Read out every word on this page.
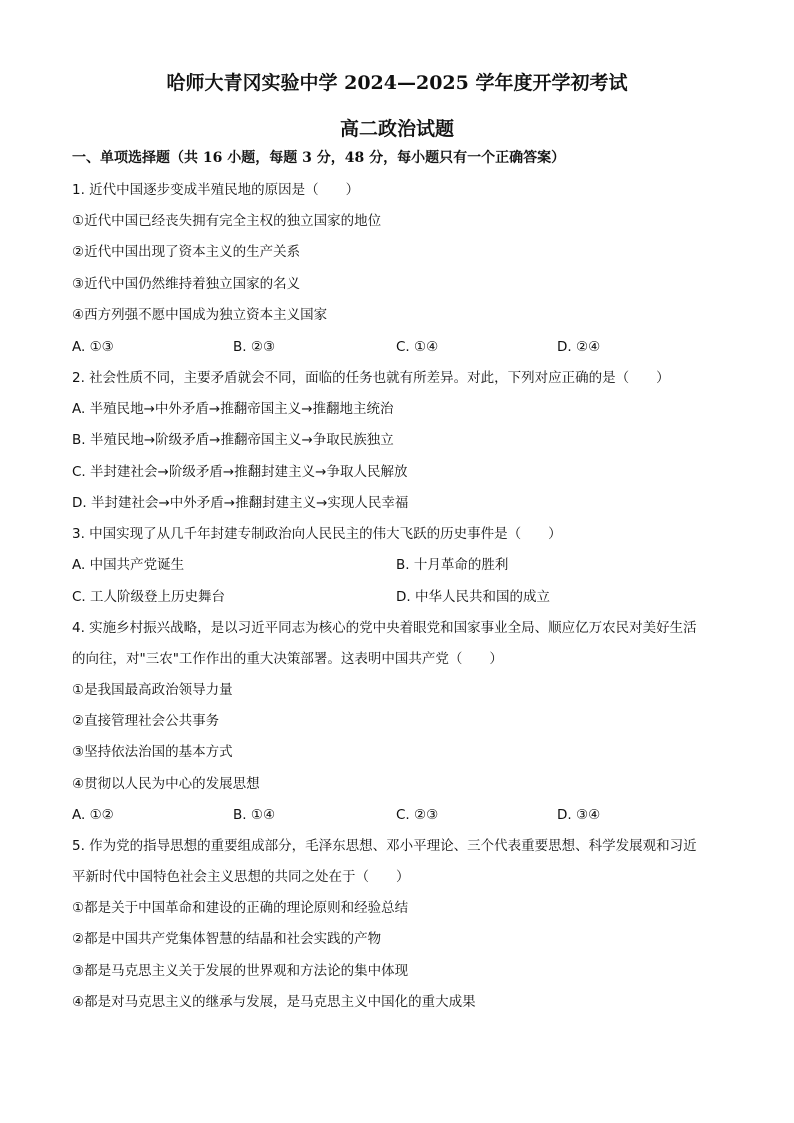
哈师大青冈实验中学 2024—2025 学年度开学初考试
高二政治试题
一、单项选择题（共 16 小题，每题 3 分，48 分，每小题只有一个正确答案）
1. 近代中国逐步变成半殖民地的原因是（　　）
①近代中国已经丧失拥有完全主权的独立国家的地位
②近代中国出现了资本主义的生产关系
③近代中国仍然维持着独立国家的名义
④西方列强不愿中国成为独立资本主义国家
A. ①③	B. ②③	C. ①④	D. ②④
2. 社会性质不同，主要矛盾就会不同，面临的任务也就有所差异。对此，下列对应正确的是（　　）
A. 半殖民地→中外矛盾→推翻帝国主义→推翻地主统治
B. 半殖民地→阶级矛盾→推翻帝国主义→争取民族独立
C. 半封建社会→阶级矛盾→推翻封建主义→争取人民解放
D. 半封建社会→中外矛盾→推翻封建主义→实现人民幸福
3. 中国实现了从几千年封建专制政治向人民民主的伟大飞跃的历史事件是（　　）
A. 中国共产党诞生	B. 十月革命的胜利
C. 工人阶级登上历史舞台	D. 中华人民共和国的成立
4. 实施乡村振兴战略，是以习近平同志为核心的党中央着眼党和国家事业全局、顺应亿万农民对美好生活
的向往，对"三农"工作作出的重大决策部署。这表明中国共产党（　　）
①是我国最高政治领导力量
②直接管理社会公共事务
③坚持依法治国的基本方式
④贯彻以人民为中心的发展思想
A. ①②	B. ①④	C. ②③	D. ③④
5. 作为党的指导思想的重要组成部分，毛泽东思想、邓小平理论、三个代表重要思想、科学发展观和习近
平新时代中国特色社会主义思想的共同之处在于（　　）
①都是关于中国革命和建设的正确的理论原则和经验总结
②都是中国共产党集体智慧的结晶和社会实践的产物
③都是马克思主义关于发展的世界观和方法论的集中体现
④都是对马克思主义的继承与发展，是马克思主义中国化的重大成果
